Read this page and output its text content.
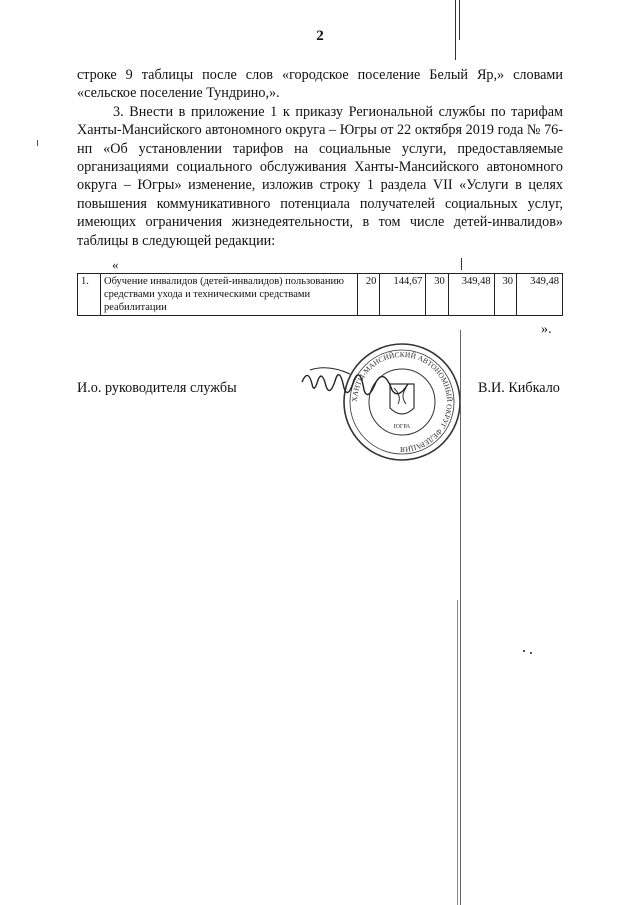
2

строке 9 таблицы после слов «городское поселение Белый Яр,» словами «сельское поселение Тундрино,».

3. Внести в приложение 1 к приказу Региональной службы по тарифам Ханты-Мансийского автономного округа – Югры от 22 октября 2019 года № 76-нп «Об установлении тарифов на социальные услуги, предоставляемые организациями социального обслуживания Ханты-Мансийского автономного округа – Югры» изменение, изложив строку 1 раздела VII «Услуги в целях повышения коммуникативного потенциала получателей социальных услуг, имеющих ограничения жизнедеятельности, в том числе детей-инвалидов» таблицы в следующей редакции:

«
1.	Обучение инвалидов (детей-инвалидов) пользованию средствами ухода и техническими средствами реабилитации	20	144,67	30	349,48	30	349,48
».
И.о. руководителя службы
ХАНТЫ-МАНСИЙСКИЙ АВТОНОМНЫЙ ОКРУГ ФЕДЕРАЦИЯ
ЮГРА
В.И. Кибкало
